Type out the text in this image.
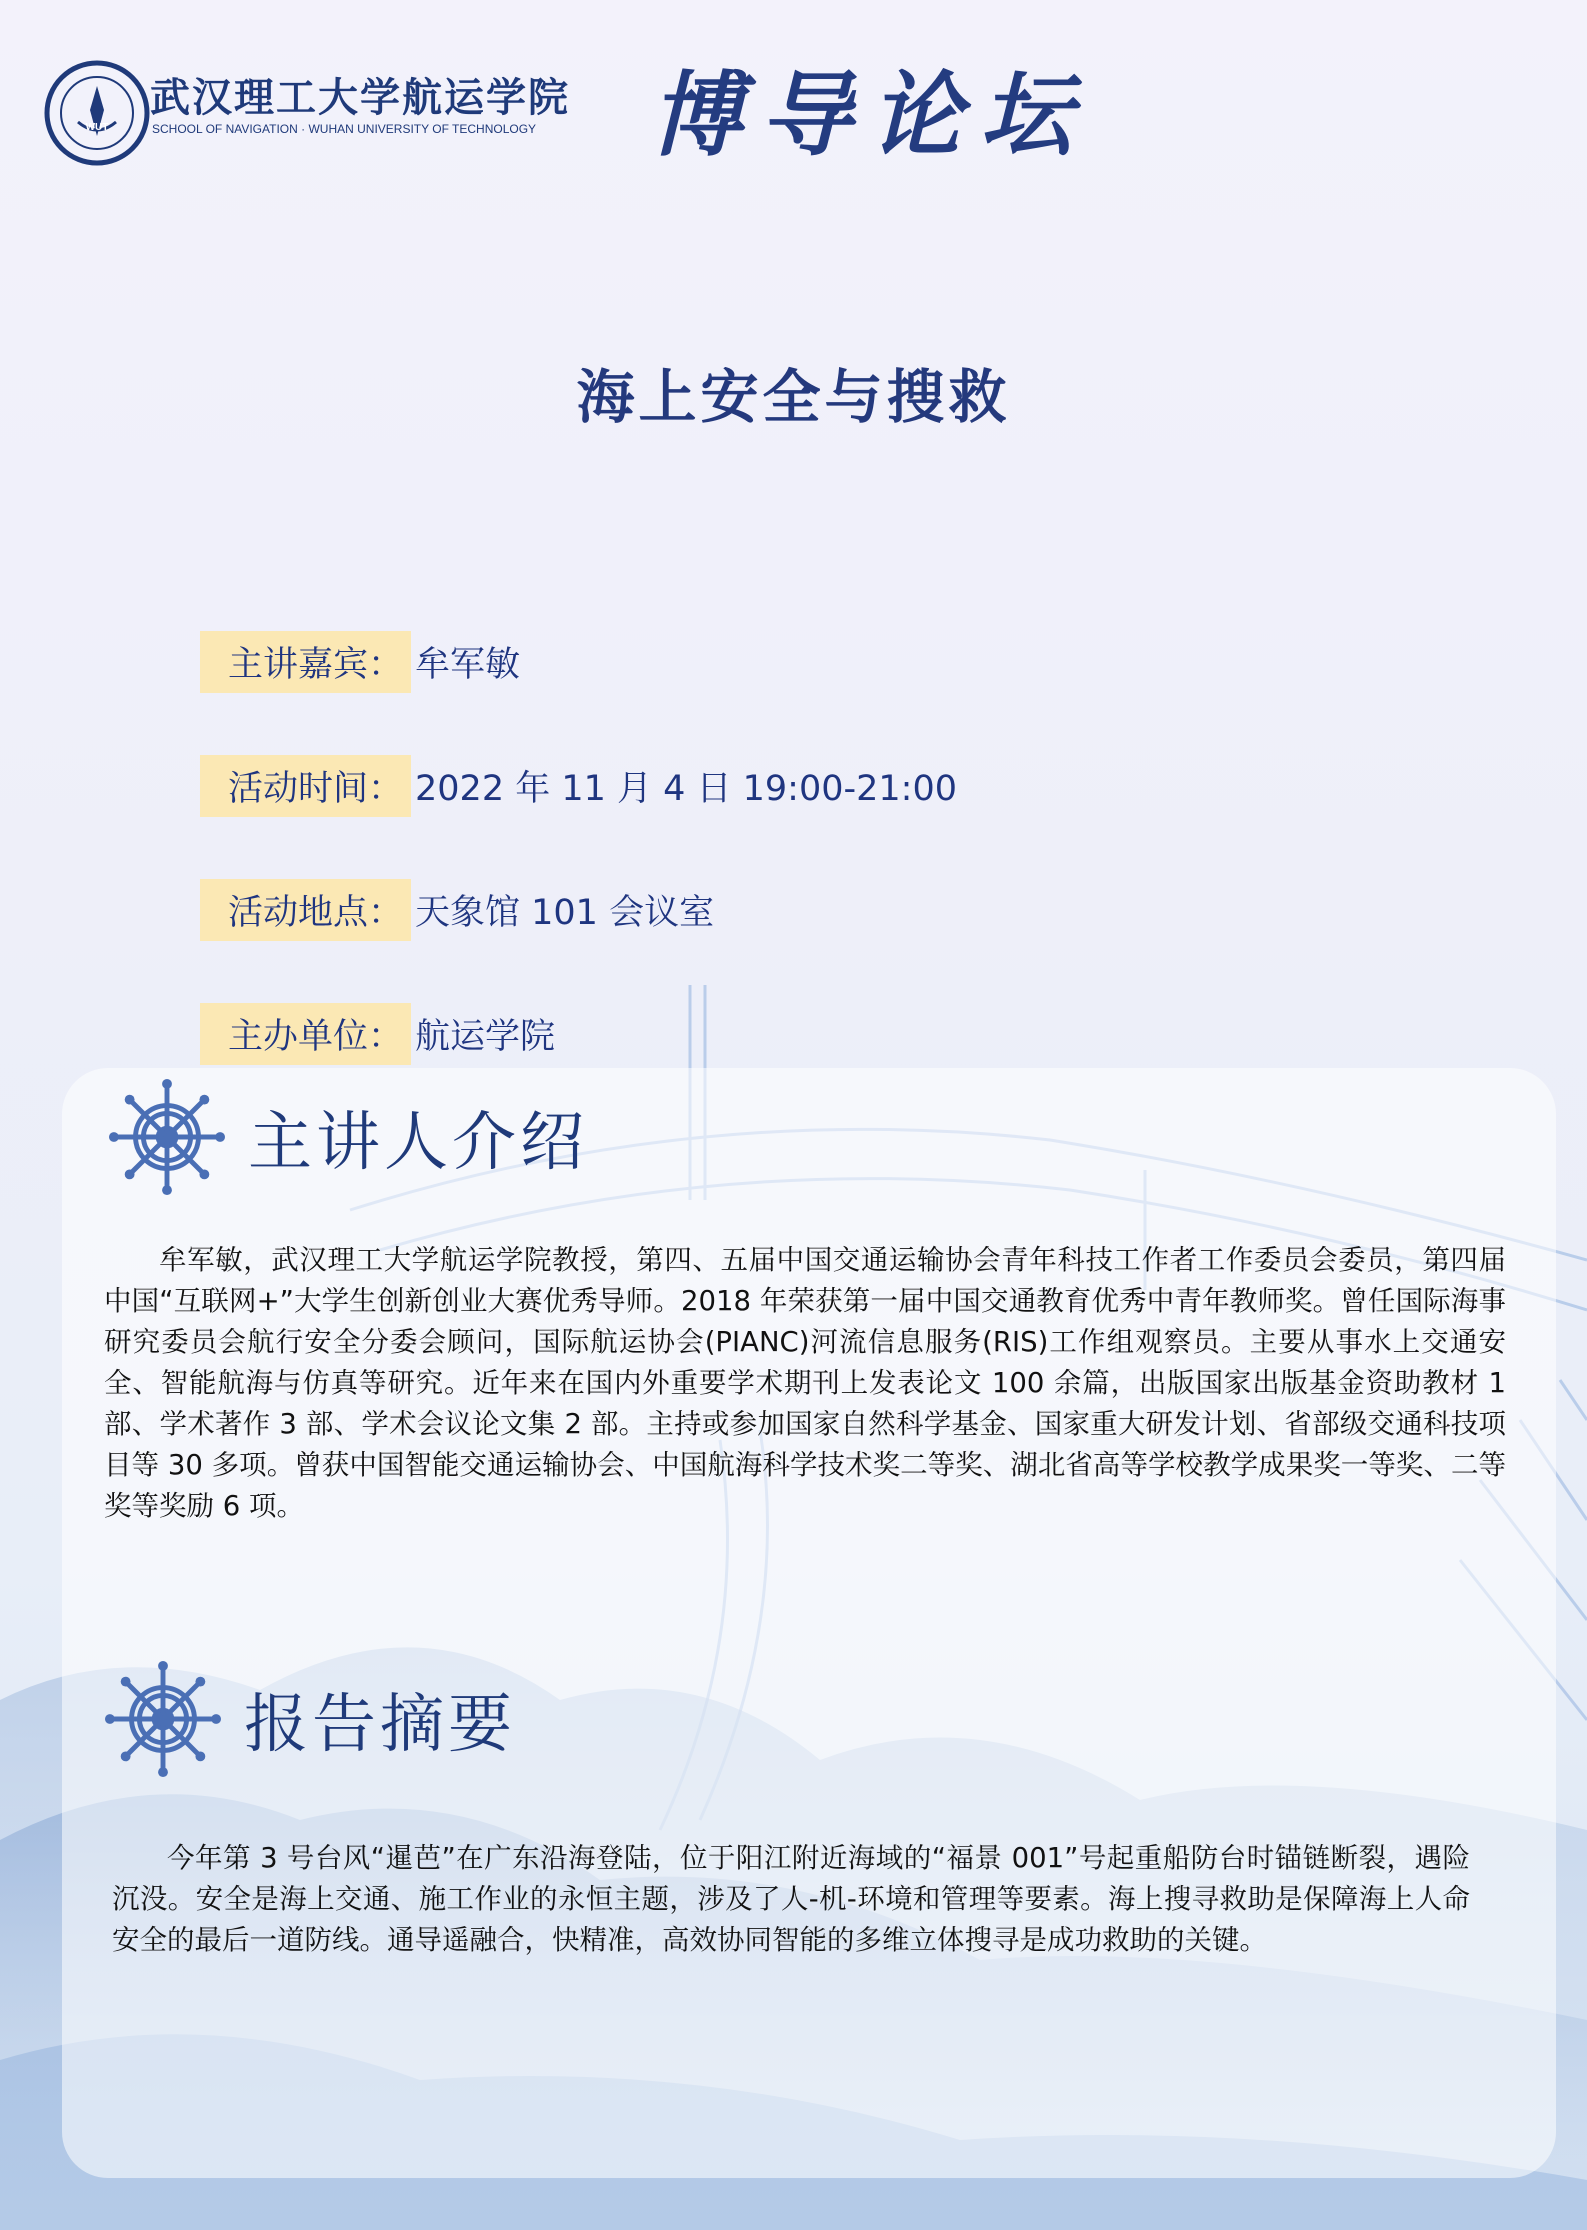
WUT
武汉理工大学航运学院
SCHOOL OF NAVIGATION · WUHAN UNIVERSITY OF TECHNOLOGY 博导论坛
海上安全与搜救
主讲嘉宾： 牟军敏
活动时间： 2022 年 11 月 4 日 19:00-21:00
活动地点： 天象馆 101 会议室
主办单位： 航运学院
主讲人介绍

牟军敏，武汉理工大学航运学院教授，第四、五届中国交通运输协会青年科技工作者工作委员会委员，第四届中国“互联网+”大学生创新创业大赛优秀导师。2018 年荣获第一届中国交通教育优秀中青年教师奖。曾任国际海事研究委员会航行安全分委会顾问，国际航运协会(PIANC)河流信息服务(RIS)工作组观察员。主要从事水上交通安全、智能航海与仿真等研究。近年来在国内外重要学术期刊上发表论文 100 余篇，出版国家出版基金资助教材 1 部、学术著作 3 部、学术会议论文集 2 部。主持或参加国家自然科学基金、国家重大研发计划、省部级交通科技项目等 30 多项。曾获中国智能交通运输协会、中国航海科学技术奖二等奖、湖北省高等学校教学成果奖一等奖、二等奖等奖励 6 项。

报告摘要

今年第 3 号台风“暹芭”在广东沿海登陆，位于阳江附近海域的“福景 001”号起重船防台时锚链断裂，遇险沉没。安全是海上交通、施工作业的永恒主题，涉及了人-机-环境和管理等要素。海上搜寻救助是保障海上人命安全的最后一道防线。通导遥融合，快精准，高效协同智能的多维立体搜寻是成功救助的关键。
